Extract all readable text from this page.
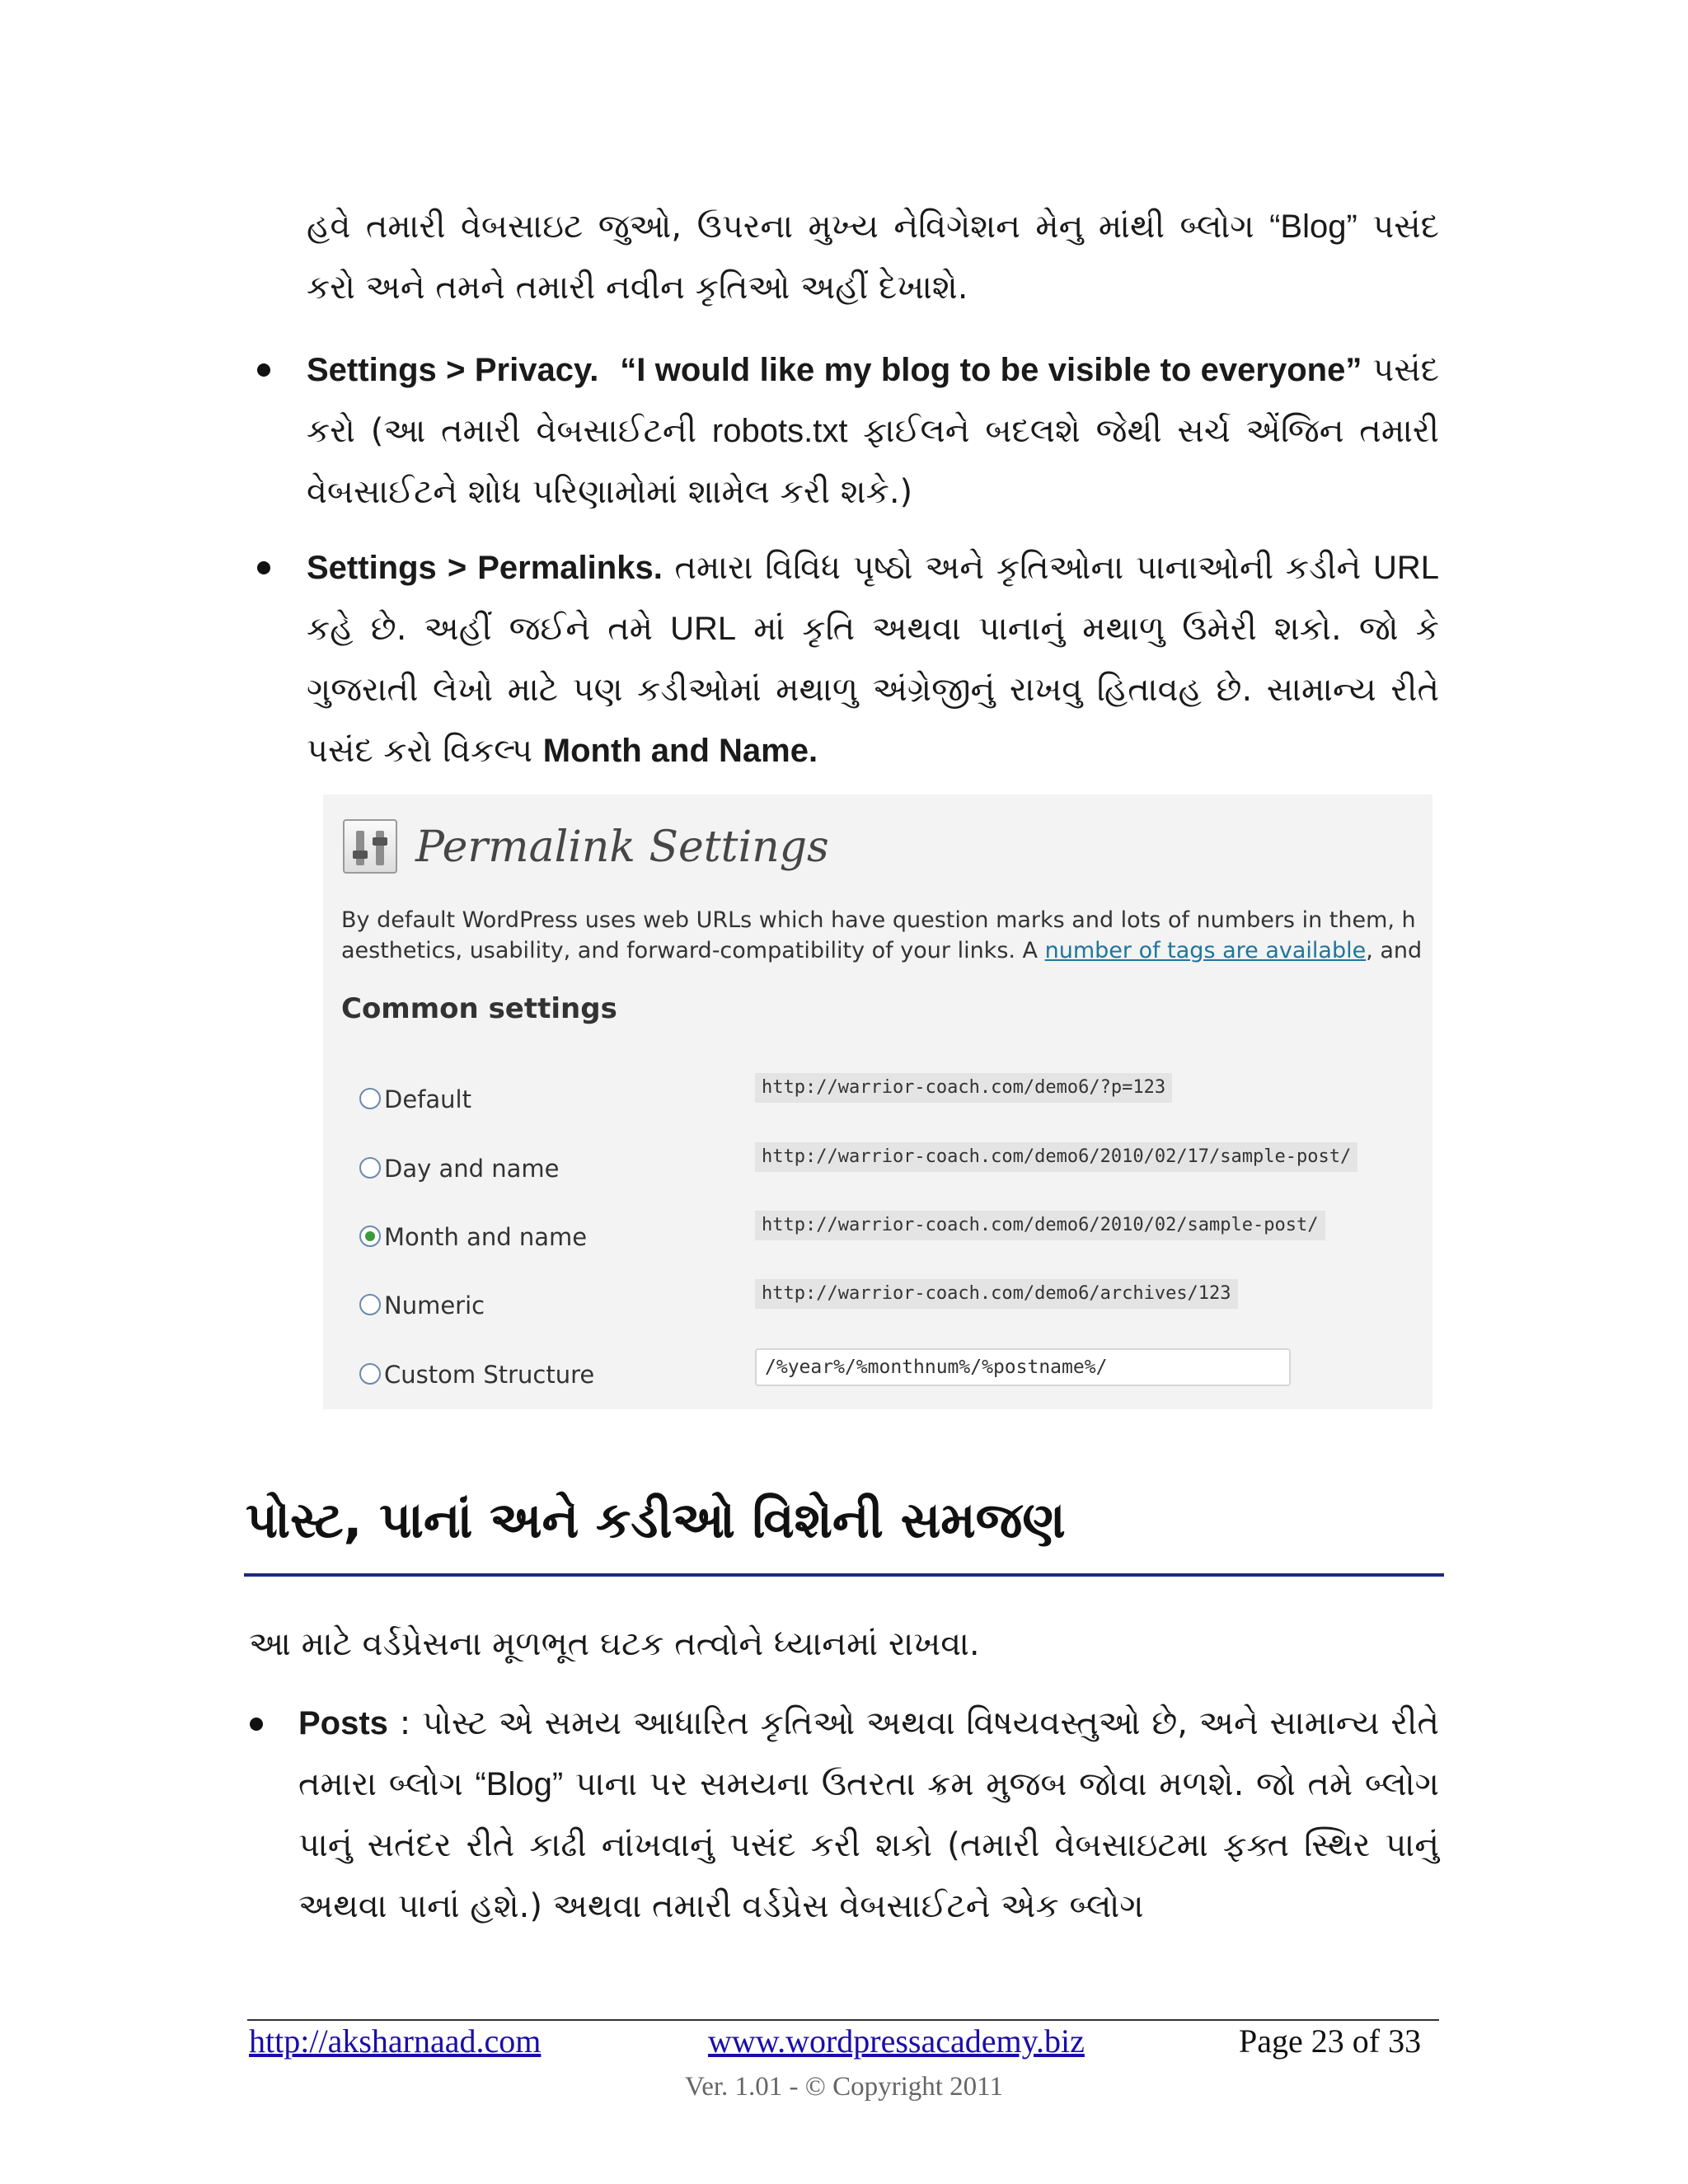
હવે તમારી વેબસાઇટ જુઓ, ઉપરના મુખ્ય નેવિગેશન મેનુ માંથી બ્લોગ “Blog” પસંદ કરો અને તમને તમારી નવીન કૃતિઓ અહીં દેખાશે.

Settings > Privacy. “I would like my blog to be visible to everyone” પસંદ કરો (આ તમારી વેબસાઈટની robots.txt ફાઈલને બદલશે જેથી સર્ચ એંજિન તમારી વેબસાઈટને શોધ પરિણામોમાં શામેલ કરી શકે.)

Settings > Permalinks. તમારા વિવિધ પૃષ્ઠો અને કૃતિઓના પાનાઓની કડીને URL કહે છે. અહીં જઈને તમે URL માં કૃતિ અથવા પાનાનું મથાળુ ઉમેરી શકો. જો કે ગુજરાતી લેખો માટે પણ કડીઓમાં મથાળુ અંગ્રેજીનું રાખવુ હિતાવહ છે. સામાન્ય રીતે પસંદ કરો વિકલ્પ Month and Name.

Permalink Settings
By default WordPress uses web URLs which have question marks and lots of numbers in them, h
aesthetics, usability, and forward-compatibility of your links. A number of tags are available, and
Common settings
Default	http://warrior-coach.com/demo6/?p=123
Day and name	http://warrior-coach.com/demo6/2010/02/17/sample-post/
Month and name	http://warrior-coach.com/demo6/2010/02/sample-post/
Numeric	http://warrior-coach.com/demo6/archives/123
Custom Structure	/%year%/%monthnum%/%postname%/
પોસ્ટ, પાનાં અને કડીઓ વિશેની સમજણ

આ માટે વર્ડપ્રેસના મૂળભૂત ઘટક તત્વોને ધ્યાનમાં રાખવા.

Posts : પોસ્ટ એ સમય આધારિત કૃતિઓ અથવા વિષયવસ્તુઓ છે, અને સામાન્ય રીતે તમારા બ્લોગ “Blog” પાના પર સમયના ઉતરતા ક્રમ મુજબ જોવા મળશે. જો તમે બ્લોગ પાનું સતંદર રીતે કાઢી નાંખવાનું પસંદ કરી શકો (તમારી વેબસાઇટમા ફક્ત સ્થિર પાનું અથવા પાનાં હશે.) અથવા તમારી વર્ડપ્રેસ વેબસાઈટને એક બ્લોગ

http://aksharnaad.com	www.wordpressacademy.biz	Page 23 of 33
Ver. 1.01 - © Copyright 2011
